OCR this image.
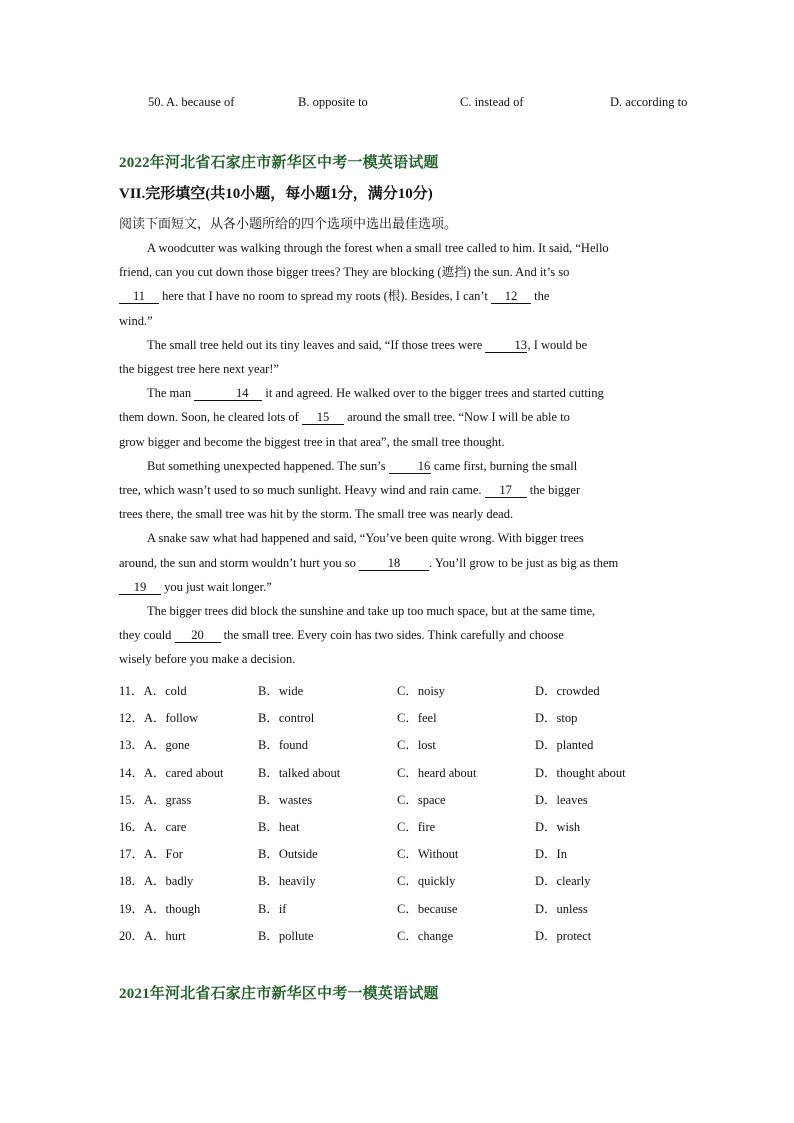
50. A. because of	B. opposite to	C. instead of	D. according to
2022年河北省石家庄市新华区中考一模英语试题
VII.完形填空(共10小题，每小题1分，满分10分)
阅读下面短文，从各小题所给的四个选项中选出最佳选项。

A woodcutter was walking through the forest when a small tree called to him. It said, “Hello

friend, can you cut down those bigger trees? They are blocking (遮挡) the sun. And it’s so

11 here that I have no room to spread my roots (根). Besides, I can’t 12 the

wind.”

The small tree held out its tiny leaves and said, “If those trees were	13, I would be

the biggest tree here next year!”

The man	14 it and agreed. He walked over to the bigger trees and started cutting

them down. Soon, he cleared lots of 15 around the small tree. “Now I will be able to

grow bigger and become the biggest tree in that area”, the small tree thought.

But something unexpected happened. The sun’s	16 came first, burning the small

tree, which wasn’t used to so much sunlight. Heavy wind and rain came. 17 the bigger

trees there, the small tree was hit by the storm. The small tree was nearly dead.

A snake saw what had happened and said, “You’ve been quite wrong. With bigger trees

around, the sun and storm wouldn’t hurt you so	18 . You’ll grow to be just as big as them

19 you just wait longer.”

The bigger trees did block the sunshine and take up too much space, but at the same time,

they could 20 the small tree. Every coin has two sides. Think carefully and choose

wisely before you make a decision.

11．A．cold	B．wide	C．noisy	D．crowded
12．A．follow	B．control	C．feel	D．stop
13．A．gone	B．found	C．lost	D．planted
14．A．cared about	B．talked about	C．heard about	D．thought about
15．A．grass	B．wastes	C．space	D．leaves
16．A．care	B．heat	C．fire	D．wish
17．A．For	B．Outside	C．Without	D．In
18．A．badly	B．heavily	C．quickly	D．clearly
19．A．though	B．if	C．because	D．unless
20．A．hurt	B．pollute	C．change	D．protect
2021年河北省石家庄市新华区中考一模英语试题
